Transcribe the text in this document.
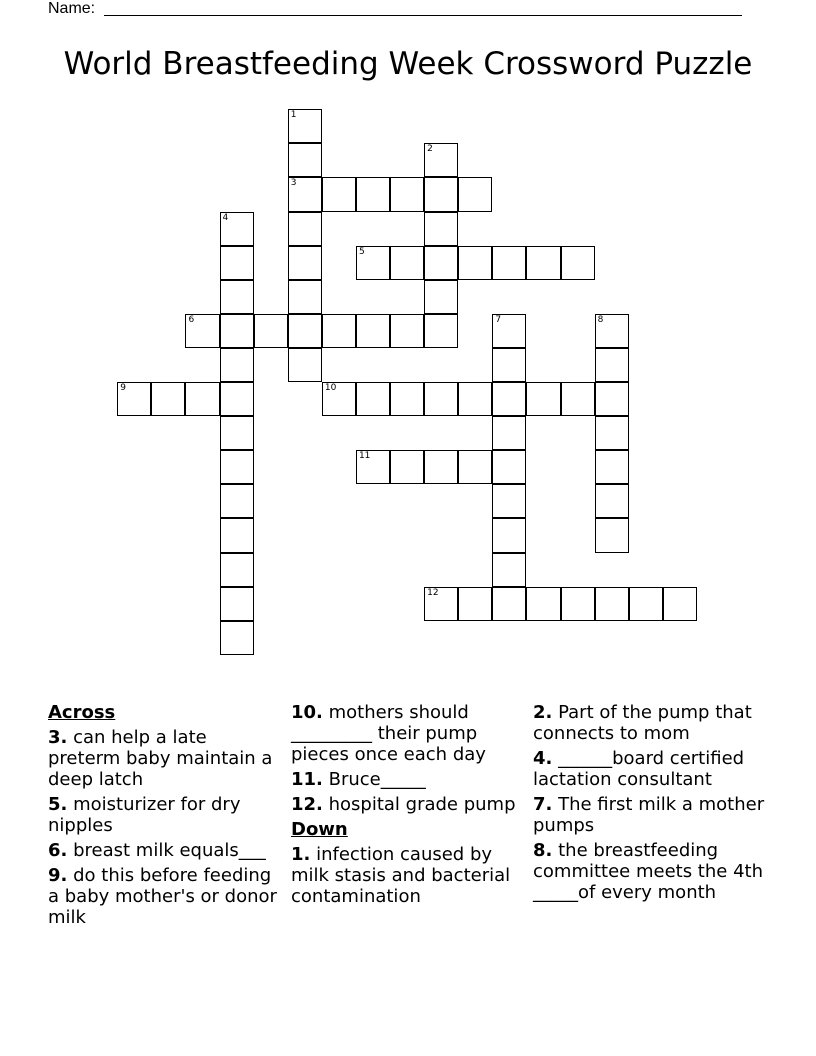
Name:
World Breastfeeding Week Crossword Puzzle
3
5
6
9	10
11
12
1
2
4
7	8
Across
3. can help a late preterm baby maintain a deep latch
5. moisturizer for dry nipples
6. breast milk equals___
9. do this before feeding a baby mother's or donor milk
10. mothers should _________ their pump pieces once each day
11. Bruce_____
12. hospital grade pump
Down
1. infection caused by milk stasis and bacterial contamination
2. Part of the pump that connects to mom
4. ______board certified lactation consultant
7. The first milk a mother pumps
8. the breastfeeding committee meets the 4th _____of every month
